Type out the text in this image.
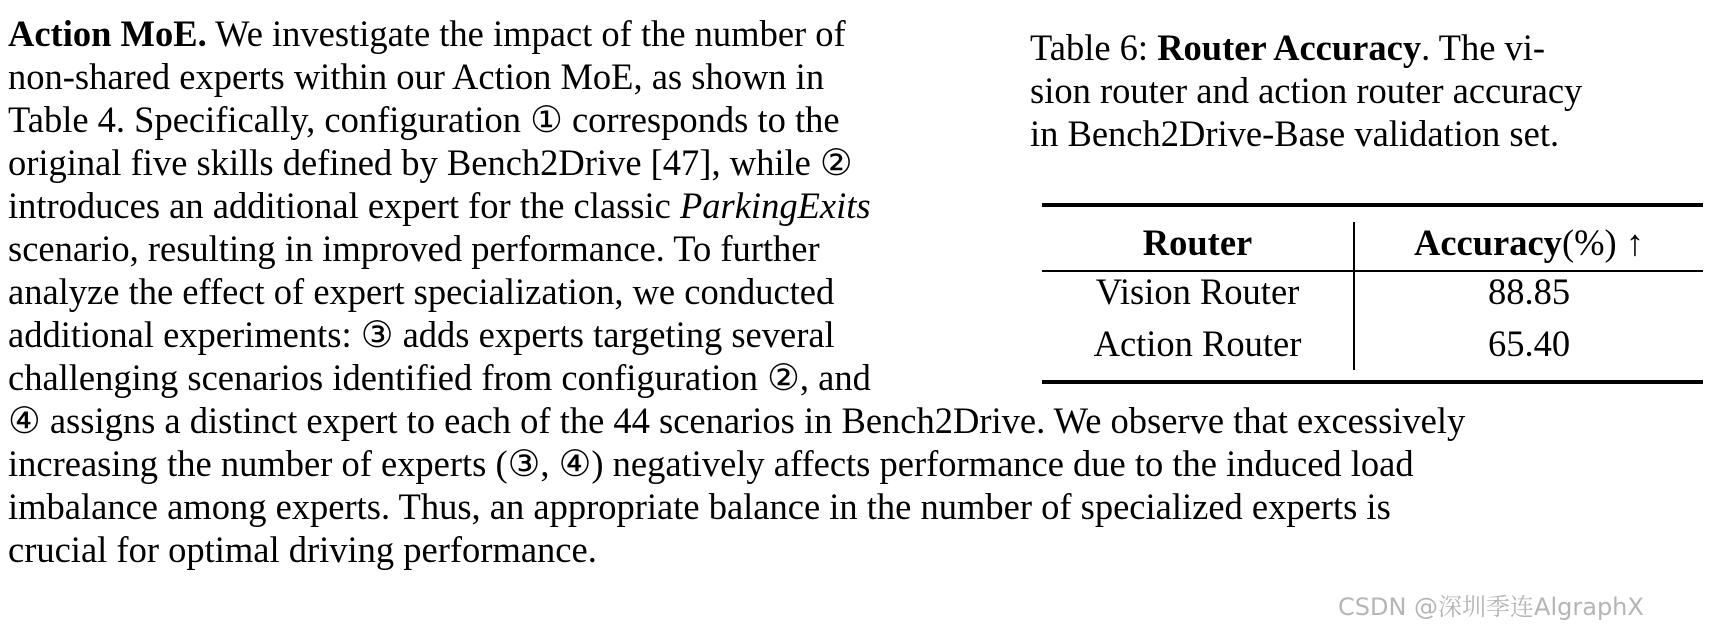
Action MoE. We investigate the impact of the number of
non-shared experts within our Action MoE, as shown in
Table 4. Specifically, configuration ① corresponds to the
original five skills defined by Bench2Drive [47], while ②
introduces an additional expert for the classic ParkingExits
scenario, resulting in improved performance. To further
analyze the effect of expert specialization, we conducted
additional experiments: ③ adds experts targeting several
challenging scenarios identified from configuration ②, and
④ assigns a distinct expert to each of the 44 scenarios in Bench2Drive. We observe that excessively
increasing the number of experts (③, ④) negatively affects performance due to the induced load
imbalance among experts. Thus, an appropriate balance in the number of specialized experts is
crucial for optimal driving performance.
Table 6: Router Accuracy. The vi-
sion router and action router accuracy
in Bench2Drive-Base validation set.
Router	Accuracy(%) ↑
Vision Router	88.85
Action Router	65.40
CSDN @深圳季连AlgraphX
